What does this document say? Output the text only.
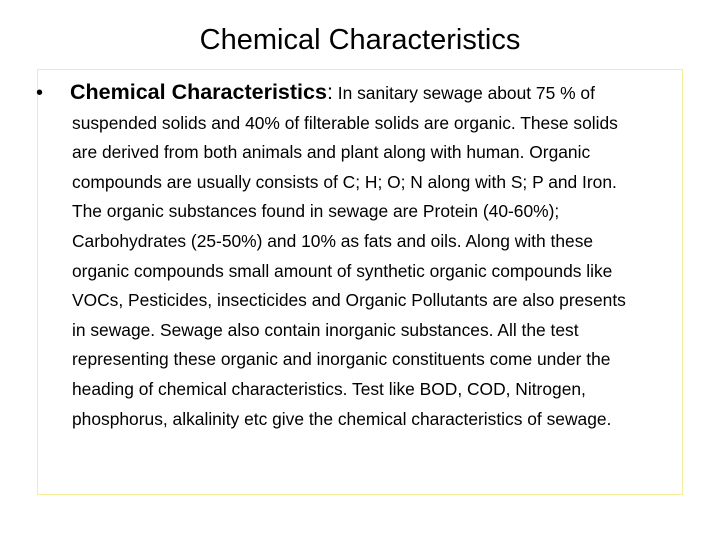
Chemical Characteristics

• Chemical Characteristics: In sanitary sewage about 75 % of
suspended solids and 40% of filterable solids are organic. These solids
are derived from both animals and plant along with human. Organic
compounds are usually consists of C; H; O; N along with S; P and Iron.
The organic substances found in sewage are Protein (40-60%);
Carbohydrates (25-50%) and 10% as fats and oils. Along with these
organic compounds small amount of synthetic organic compounds like
VOCs, Pesticides, insecticides and Organic Pollutants are also presents
in sewage. Sewage also contain inorganic substances. All the test
representing these organic and inorganic constituents come under the
heading of chemical characteristics. Test like BOD, COD, Nitrogen,
phosphorus, alkalinity etc give the chemical characteristics of sewage.
